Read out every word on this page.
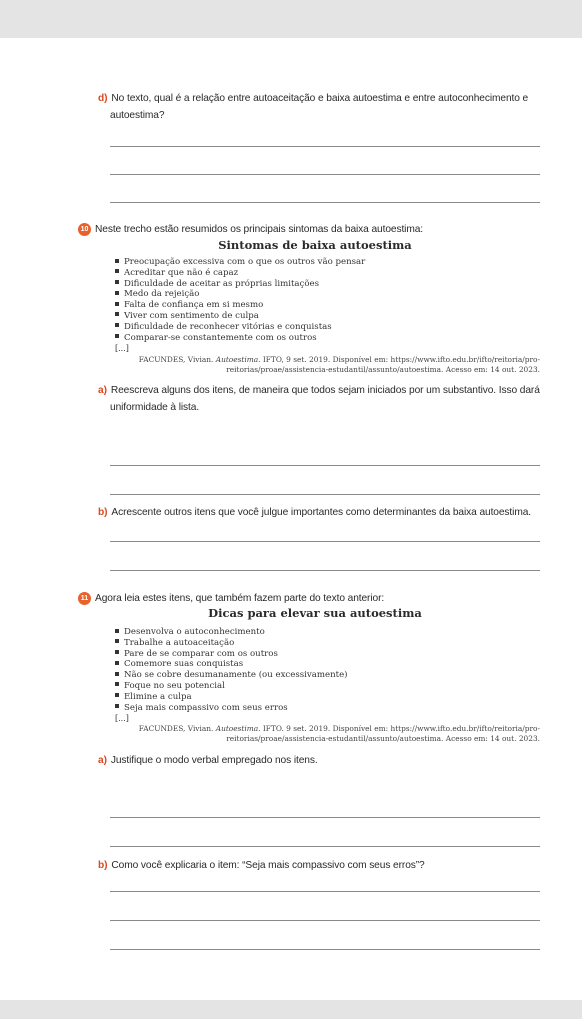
d) No texto, qual é a relação entre autoaceitação e baixa autoestima e entre autoconhecimento e
autoestima?
10 Neste trecho estão resumidos os principais sintomas da baixa autoestima:
Sintomas de baixa autoestima
Preocupação excessiva com o que os outros vão pensar
Acreditar que não é capaz
Dificuldade de aceitar as próprias limitações
Medo da rejeição
Falta de confiança em si mesmo
Viver com sentimento de culpa
Dificuldade de reconhecer vitórias e conquistas
Comparar-se constantemente com os outros
[...]
FACUNDES, Vivian. Autoestima. IFTO, 9 set. 2019. Disponível em: https://www.ifto.edu.br/ifto/reitoria/pro-
reitorias/proae/assistencia-estudantil/assunto/autoestima. Acesso em: 14 out. 2023.
a) Reescreva alguns dos itens, de maneira que todos sejam iniciados por um substantivo. Isso dará
uniformidade à lista.
b) Acrescente outros itens que você julgue importantes como determinantes da baixa autoestima.
11 Agora leia estes itens, que também fazem parte do texto anterior:
Dicas para elevar sua autoestima
Desenvolva o autoconhecimento
Trabalhe a autoaceitação
Pare de se comparar com os outros
Comemore suas conquistas
Não se cobre desumanamente (ou excessivamente)
Foque no seu potencial
Elimine a culpa
Seja mais compassivo com seus erros
[...]
FACUNDES, Vivian. Autoestima. IFTO. 9 set. 2019. Disponível em: https://www.ifto.edu.br/ifto/reitoria/pro-
reitorias/proae/assistencia-estudantil/assunto/autoestima. Acesso em: 14 out. 2023.
a) Justifique o modo verbal empregado nos itens.
b) Como você explicaria o item: “Seja mais compassivo com seus erros”?
